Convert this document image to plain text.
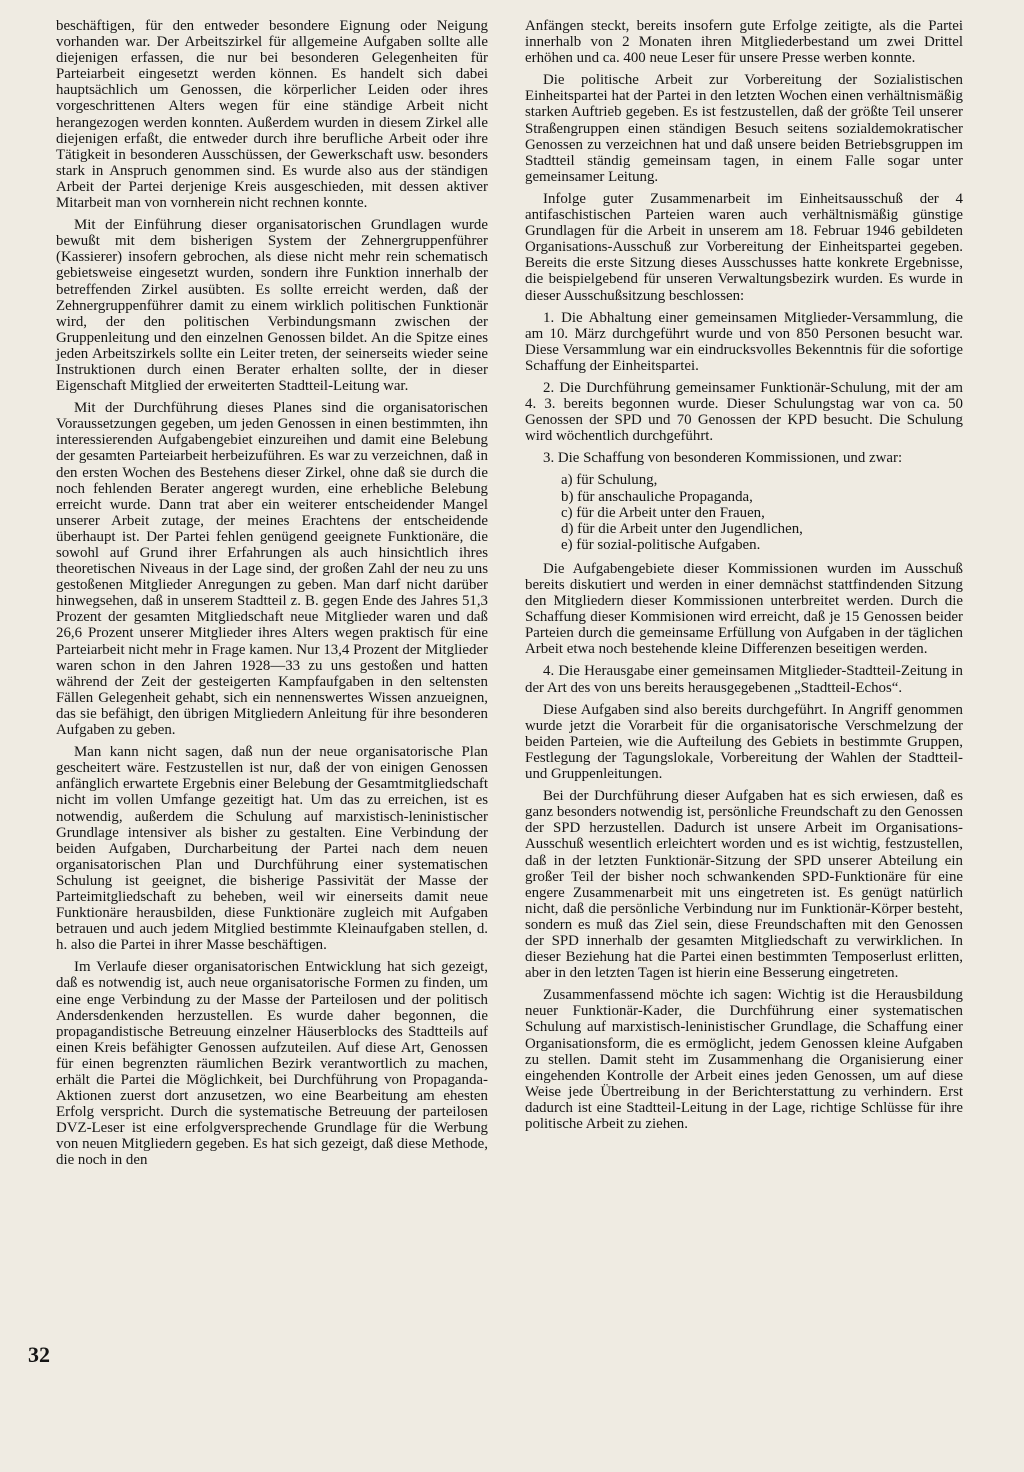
beschäftigen, für den entweder besondere Eignung oder Neigung vorhanden war. Der Arbeitszirkel für allgemeine Aufgaben sollte alle diejenigen erfassen, die nur bei besonderen Gelegenheiten für Parteiarbeit eingesetzt werden können. Es handelt sich dabei hauptsächlich um Genossen, die körperlicher Leiden oder ihres vorgeschrittenen Alters wegen für eine ständige Arbeit nicht herangezogen werden konnten. Außerdem wurden in diesem Zirkel alle diejenigen erfaßt, die entweder durch ihre berufliche Arbeit oder ihre Tätigkeit in besonderen Ausschüssen, der Gewerkschaft usw. besonders stark in Anspruch genommen sind. Es wurde also aus der ständigen Arbeit der Partei derjenige Kreis ausgeschieden, mit dessen aktiver Mitarbeit man von vornherein nicht rechnen konnte.

Mit der Einführung dieser organisatorischen Grundlagen wurde bewußt mit dem bisherigen System der Zehnergruppenführer (Kassierer) insofern gebrochen, als diese nicht mehr rein schematisch gebietsweise eingesetzt wurden, sondern ihre Funktion innerhalb der betreffenden Zirkel ausübten. Es sollte erreicht werden, daß der Zehnergruppenführer damit zu einem wirklich politischen Funktionär wird, der den politischen Verbindungsmann zwischen der Gruppenleitung und den einzelnen Genossen bildet. An die Spitze eines jeden Arbeitszirkels sollte ein Leiter treten, der seinerseits wieder seine Instruktionen durch einen Berater erhalten sollte, der in dieser Eigenschaft Mitglied der erweiterten Stadtteil-Leitung war.

Mit der Durchführung dieses Planes sind die organisatorischen Voraussetzungen gegeben, um jeden Genossen in einen bestimmten, ihn interessierenden Aufgabengebiet einzureihen und damit eine Belebung der gesamten Parteiarbeit herbeizuführen. Es war zu verzeichnen, daß in den ersten Wochen des Bestehens dieser Zirkel, ohne daß sie durch die noch fehlenden Berater angeregt wurden, eine erhebliche Belebung erreicht wurde. Dann trat aber ein weiterer entscheidender Mangel unserer Arbeit zutage, der meines Erachtens der entscheidende überhaupt ist. Der Partei fehlen genügend geeignete Funktionäre, die sowohl auf Grund ihrer Erfahrungen als auch hinsichtlich ihres theoretischen Niveaus in der Lage sind, der großen Zahl der neu zu uns gestoßenen Mitglieder Anregungen zu geben. Man darf nicht darüber hinwegsehen, daß in unserem Stadtteil z. B. gegen Ende des Jahres 51,3 Prozent der gesamten Mitgliedschaft neue Mitglieder waren und daß 26,6 Prozent unserer Mitglieder ihres Alters wegen praktisch für eine Parteiarbeit nicht mehr in Frage kamen. Nur 13,4 Prozent der Mitglieder waren schon in den Jahren 1928—33 zu uns gestoßen und hatten während der Zeit der gesteigerten Kampfaufgaben in den seltensten Fällen Gelegenheit gehabt, sich ein nennenswertes Wissen anzueignen, das sie befähigt, den übrigen Mitgliedern Anleitung für ihre besonderen Aufgaben zu geben.

Man kann nicht sagen, daß nun der neue organisatorische Plan gescheitert wäre. Festzustellen ist nur, daß der von einigen Genossen anfänglich erwartete Ergebnis einer Belebung der Gesamtmitgliedschaft nicht im vollen Umfange gezeitigt hat. Um das zu erreichen, ist es notwendig, außerdem die Schulung auf marxistisch-leninistischer Grundlage intensiver als bisher zu gestalten. Eine Verbindung der beiden Aufgaben, Durcharbeitung der Partei nach dem neuen organisatorischen Plan und Durchführung einer systematischen Schulung ist geeignet, die bisherige Passivität der Masse der Parteimitgliedschaft zu beheben, weil wir einerseits damit neue Funktionäre herausbilden, diese Funktionäre zugleich mit Aufgaben betrauen und auch jedem Mitglied bestimmte Kleinaufgaben stellen, d. h. also die Partei in ihrer Masse beschäftigen.

Im Verlaufe dieser organisatorischen Entwicklung hat sich gezeigt, daß es notwendig ist, auch neue organisatorische Formen zu finden, um eine enge Verbindung zu der Masse der Parteilosen und der politisch Andersdenkenden herzustellen. Es wurde daher begonnen, die propagandistische Betreuung einzelner Häuserblocks des Stadtteils auf einen Kreis befähigter Genossen aufzuteilen. Auf diese Art, Genossen für einen begrenzten räumlichen Bezirk verantwortlich zu machen, erhält die Partei die Möglichkeit, bei Durchführung von Propaganda-Aktionen zuerst dort anzusetzen, wo eine Bearbeitung am ehesten Erfolg verspricht. Durch die systematische Betreuung der parteilosen DVZ-Leser ist eine erfolgversprechende Grundlage für die Werbung von neuen Mitgliedern gegeben. Es hat sich gezeigt, daß diese Methode, die noch in den

Anfängen steckt, bereits insofern gute Erfolge zeitigte, als die Partei innerhalb von 2 Monaten ihren Mitgliederbestand um zwei Drittel erhöhen und ca. 400 neue Leser für unsere Presse werben konnte.

Die politische Arbeit zur Vorbereitung der Sozialistischen Einheitspartei hat der Partei in den letzten Wochen einen verhältnismäßig starken Auftrieb gegeben. Es ist festzustellen, daß der größte Teil unserer Straßengruppen einen ständigen Besuch seitens sozialdemokratischer Genossen zu verzeichnen hat und daß unsere beiden Betriebsgruppen im Stadtteil ständig gemeinsam tagen, in einem Falle sogar unter gemeinsamer Leitung.

Infolge guter Zusammenarbeit im Einheitsausschuß der 4 antifaschistischen Parteien waren auch verhältnismäßig günstige Grundlagen für die Arbeit in unserem am 18. Februar 1946 gebildeten Organisations-Ausschuß zur Vorbereitung der Einheitspartei gegeben. Bereits die erste Sitzung dieses Ausschusses hatte konkrete Ergebnisse, die beispielgebend für unseren Verwaltungsbezirk wurden. Es wurde in dieser Ausschußsitzung beschlossen:

1. Die Abhaltung einer gemeinsamen Mitglieder-Versammlung, die am 10. März durchgeführt wurde und von 850 Personen besucht war. Diese Versammlung war ein eindrucksvolles Bekenntnis für die sofortige Schaffung der Einheitspartei.

2. Die Durchführung gemeinsamer Funktionär-Schulung, mit der am 4. 3. bereits begonnen wurde. Dieser Schulungstag war von ca. 50 Genossen der SPD und 70 Genossen der KPD besucht. Die Schulung wird wöchentlich durchgeführt.

3. Die Schaffung von besonderen Kommissionen, und zwar:

a) für Schulung,
b) für anschauliche Propaganda,
c) für die Arbeit unter den Frauen,
d) für die Arbeit unter den Jugendlichen,
e) für sozial-politische Aufgaben.

Die Aufgabengebiete dieser Kommissionen wurden im Ausschuß bereits diskutiert und werden in einer demnächst stattfindenden Sitzung den Mitgliedern dieser Kommissionen unterbreitet werden. Durch die Schaffung dieser Kommisionen wird erreicht, daß je 15 Genossen beider Parteien durch die gemeinsame Erfüllung von Aufgaben in der täglichen Arbeit etwa noch bestehende kleine Differenzen beseitigen werden.

4. Die Herausgabe einer gemeinsamen Mitglieder-Stadtteil-Zeitung in der Art des von uns bereits herausgegebenen „Stadtteil-Echos“.

Diese Aufgaben sind also bereits durchgeführt. In Angriff genommen wurde jetzt die Vorarbeit für die organisatorische Verschmelzung der beiden Parteien, wie die Aufteilung des Gebiets in bestimmte Gruppen, Festlegung der Tagungslokale, Vorbereitung der Wahlen der Stadtteil- und Gruppenleitungen.

Bei der Durchführung dieser Aufgaben hat es sich erwiesen, daß es ganz besonders notwendig ist, persönliche Freundschaft zu den Genossen der SPD herzustellen. Dadurch ist unsere Arbeit im Organisations-Ausschuß wesentlich erleichtert worden und es ist wichtig, festzustellen, daß in der letzten Funktionär-Sitzung der SPD unserer Abteilung ein großer Teil der bisher noch schwankenden SPD-Funktionäre für eine engere Zusammenarbeit mit uns eingetreten ist. Es genügt natürlich nicht, daß die persönliche Verbindung nur im Funktionär-Körper besteht, sondern es muß das Ziel sein, diese Freundschaften mit den Genossen der SPD innerhalb der gesamten Mitgliedschaft zu verwirklichen. In dieser Beziehung hat die Partei einen bestimmten Temposerlust erlitten, aber in den letzten Tagen ist hierin eine Besserung eingetreten.

Zusammenfassend möchte ich sagen: Wichtig ist die Herausbildung neuer Funktionär-Kader, die Durchführung einer systematischen Schulung auf marxistisch-leninistischer Grundlage, die Schaffung einer Organisationsform, die es ermöglicht, jedem Genossen kleine Aufgaben zu stellen. Damit steht im Zusammenhang die Organisierung einer eingehenden Kontrolle der Arbeit eines jeden Genossen, um auf diese Weise jede Übertreibung in der Berichterstattung zu verhindern. Erst dadurch ist eine Stadtteil-Leitung in der Lage, richtige Schlüsse für ihre politische Arbeit zu ziehen.

32
